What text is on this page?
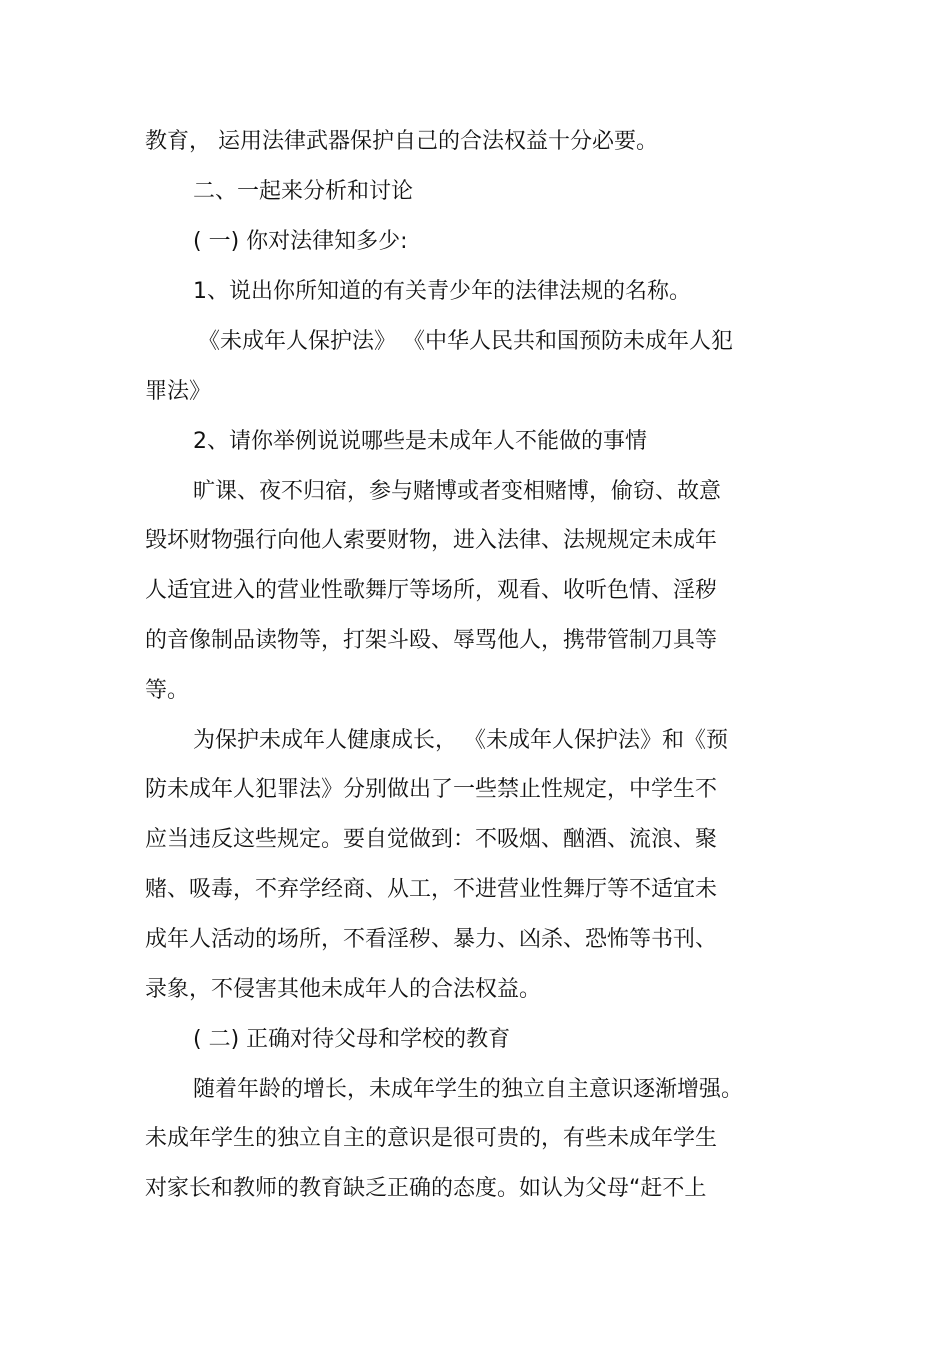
教育， 运用法律武器保护自己的合法权益十分必要。
二、一起来分析和讨论
( 一) 你对法律知多少:
1、说出你所知道的有关青少年的法律法规的名称。
《未成年人保护法》 《中华人民共和国预防未成年人犯
罪法》
2、请你举例说说哪些是未成年人不能做的事情
旷课、夜不归宿，参与赌博或者变相赌博，偷窃、故意
毁坏财物强行向他人索要财物，进入法律、法规规定未成年
人适宜进入的营业性歌舞厅等场所，观看、收听色情、淫秽
的音像制品读物等，打架斗殴、辱骂他人，携带管制刀具等
等。
为保护未成年人健康成长， 《未成年人保护法》和《预
防未成年人犯罪法》分别做出了一些禁止性规定，中学生不
应当违反这些规定。要自觉做到：不吸烟、酗酒、流浪、聚
赌、吸毒，不弃学经商、从工，不进营业性舞厅等不适宜未
成年人活动的场所，不看淫秽、暴力、凶杀、恐怖等书刊、
录象，不侵害其他未成年人的合法权益。
( 二) 正确对待父母和学校的教育
随着年龄的增长，未成年学生的独立自主意识逐渐增强。
未成年学生的独立自主的意识是很可贵的，有些未成年学生
对家长和教师的教育缺乏正确的态度。如认为父母“赶不上
